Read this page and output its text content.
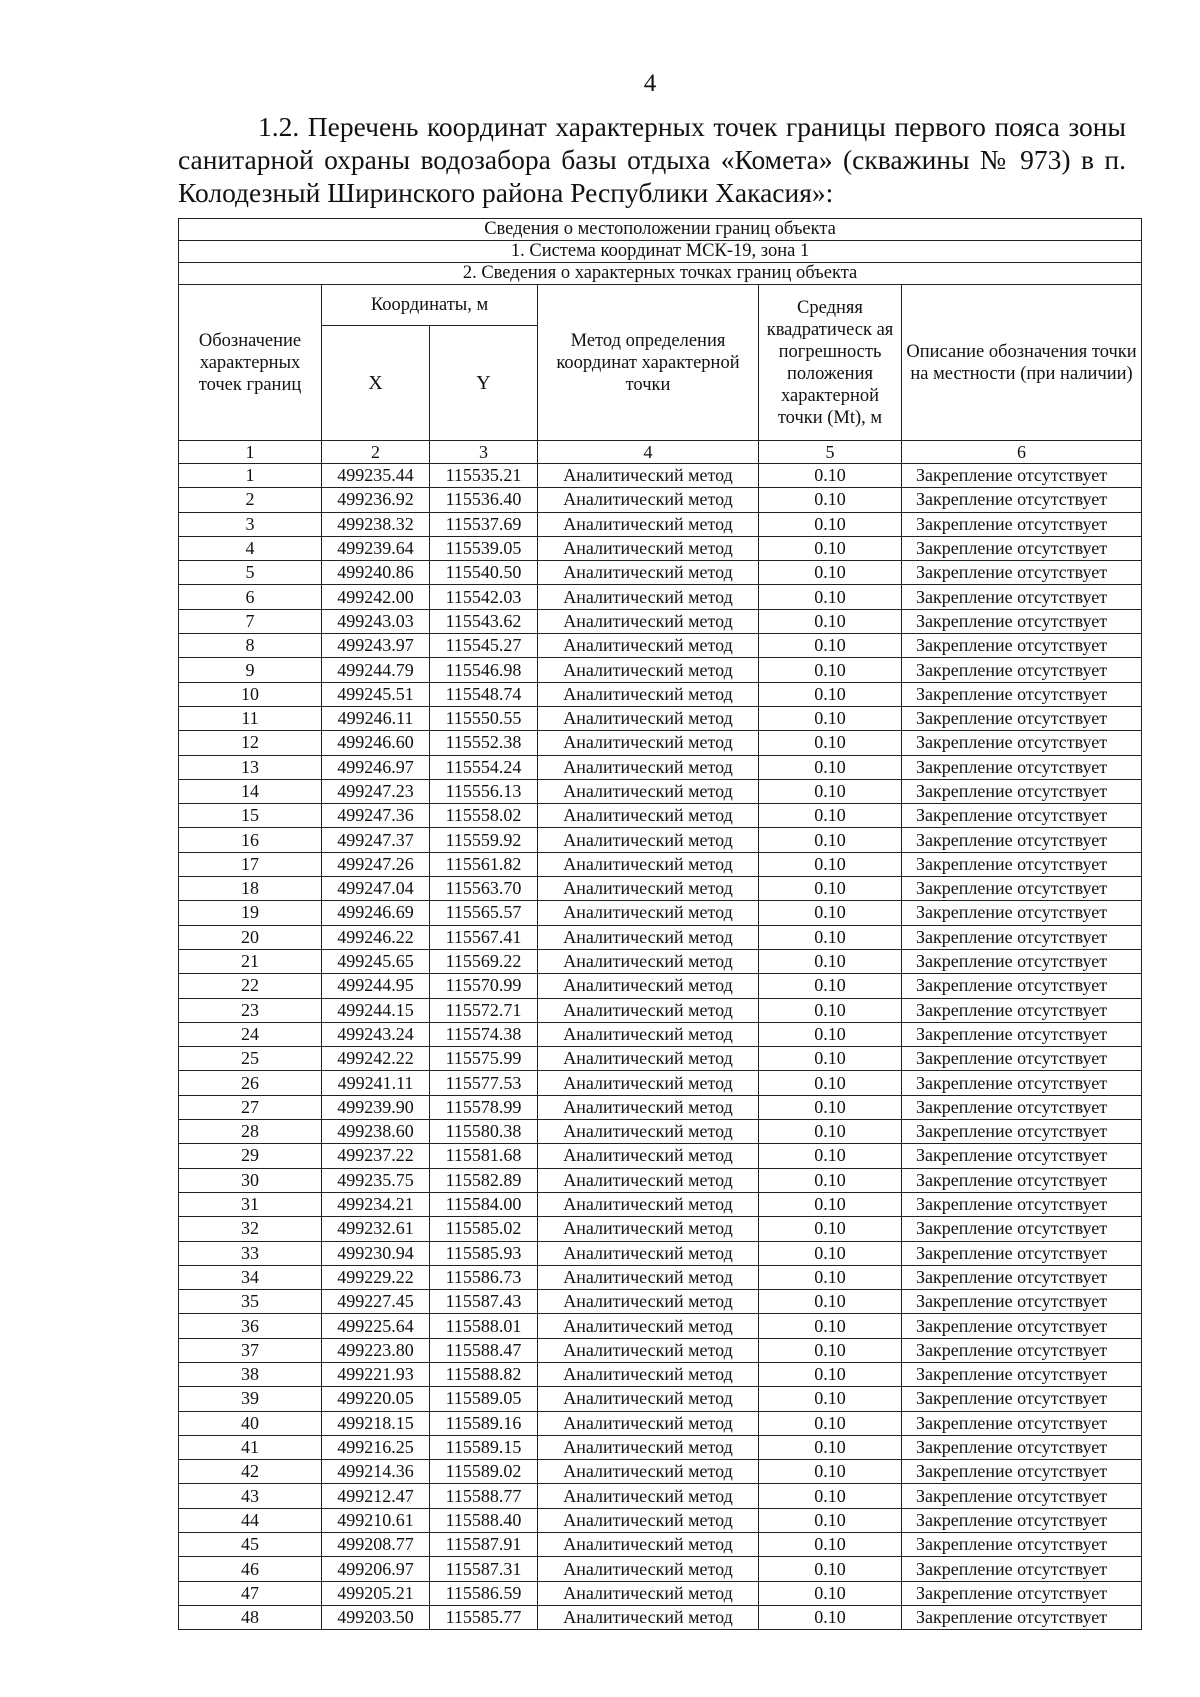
4
1.2. Перечень координат характерных точек границы первого пояса зоны санитарной охраны водозабора базы отдыха «Комета» (скважины № 973) в п. Колодезный Ширинского района Республики Хакасия»:
Сведения о местоположении границ объекта					
1. Система координат МСК-19, зона 1					
2. Сведения о характерных точках границ объекта					
Обозначение характерных точек границ	Координаты, м		Метод определения координат характерной точки	Средняя квадратическ ая погрешность положения характерной точки (Mt), м	Описание обозначения точки на местности (при наличии)
	X	Y			
1	2	3	4	5	6
1	499235.44	115535.21	Аналитический метод	0.10	Закрепление отсутствует
2	499236.92	115536.40	Аналитический метод	0.10	Закрепление отсутствует
3	499238.32	115537.69	Аналитический метод	0.10	Закрепление отсутствует
4	499239.64	115539.05	Аналитический метод	0.10	Закрепление отсутствует
5	499240.86	115540.50	Аналитический метод	0.10	Закрепление отсутствует
6	499242.00	115542.03	Аналитический метод	0.10	Закрепление отсутствует
7	499243.03	115543.62	Аналитический метод	0.10	Закрепление отсутствует
8	499243.97	115545.27	Аналитический метод	0.10	Закрепление отсутствует
9	499244.79	115546.98	Аналитический метод	0.10	Закрепление отсутствует
10	499245.51	115548.74	Аналитический метод	0.10	Закрепление отсутствует
11	499246.11	115550.55	Аналитический метод	0.10	Закрепление отсутствует
12	499246.60	115552.38	Аналитический метод	0.10	Закрепление отсутствует
13	499246.97	115554.24	Аналитический метод	0.10	Закрепление отсутствует
14	499247.23	115556.13	Аналитический метод	0.10	Закрепление отсутствует
15	499247.36	115558.02	Аналитический метод	0.10	Закрепление отсутствует
16	499247.37	115559.92	Аналитический метод	0.10	Закрепление отсутствует
17	499247.26	115561.82	Аналитический метод	0.10	Закрепление отсутствует
18	499247.04	115563.70	Аналитический метод	0.10	Закрепление отсутствует
19	499246.69	115565.57	Аналитический метод	0.10	Закрепление отсутствует
20	499246.22	115567.41	Аналитический метод	0.10	Закрепление отсутствует
21	499245.65	115569.22	Аналитический метод	0.10	Закрепление отсутствует
22	499244.95	115570.99	Аналитический метод	0.10	Закрепление отсутствует
23	499244.15	115572.71	Аналитический метод	0.10	Закрепление отсутствует
24	499243.24	115574.38	Аналитический метод	0.10	Закрепление отсутствует
25	499242.22	115575.99	Аналитический метод	0.10	Закрепление отсутствует
26	499241.11	115577.53	Аналитический метод	0.10	Закрепление отсутствует
27	499239.90	115578.99	Аналитический метод	0.10	Закрепление отсутствует
28	499238.60	115580.38	Аналитический метод	0.10	Закрепление отсутствует
29	499237.22	115581.68	Аналитический метод	0.10	Закрепление отсутствует
30	499235.75	115582.89	Аналитический метод	0.10	Закрепление отсутствует
31	499234.21	115584.00	Аналитический метод	0.10	Закрепление отсутствует
32	499232.61	115585.02	Аналитический метод	0.10	Закрепление отсутствует
33	499230.94	115585.93	Аналитический метод	0.10	Закрепление отсутствует
34	499229.22	115586.73	Аналитический метод	0.10	Закрепление отсутствует
35	499227.45	115587.43	Аналитический метод	0.10	Закрепление отсутствует
36	499225.64	115588.01	Аналитический метод	0.10	Закрепление отсутствует
37	499223.80	115588.47	Аналитический метод	0.10	Закрепление отсутствует
38	499221.93	115588.82	Аналитический метод	0.10	Закрепление отсутствует
39	499220.05	115589.05	Аналитический метод	0.10	Закрепление отсутствует
40	499218.15	115589.16	Аналитический метод	0.10	Закрепление отсутствует
41	499216.25	115589.15	Аналитический метод	0.10	Закрепление отсутствует
42	499214.36	115589.02	Аналитический метод	0.10	Закрепление отсутствует
43	499212.47	115588.77	Аналитический метод	0.10	Закрепление отсутствует
44	499210.61	115588.40	Аналитический метод	0.10	Закрепление отсутствует
45	499208.77	115587.91	Аналитический метод	0.10	Закрепление отсутствует
46	499206.97	115587.31	Аналитический метод	0.10	Закрепление отсутствует
47	499205.21	115586.59	Аналитический метод	0.10	Закрепление отсутствует
48	499203.50	115585.77	Аналитический метод	0.10	Закрепление отсутствует
